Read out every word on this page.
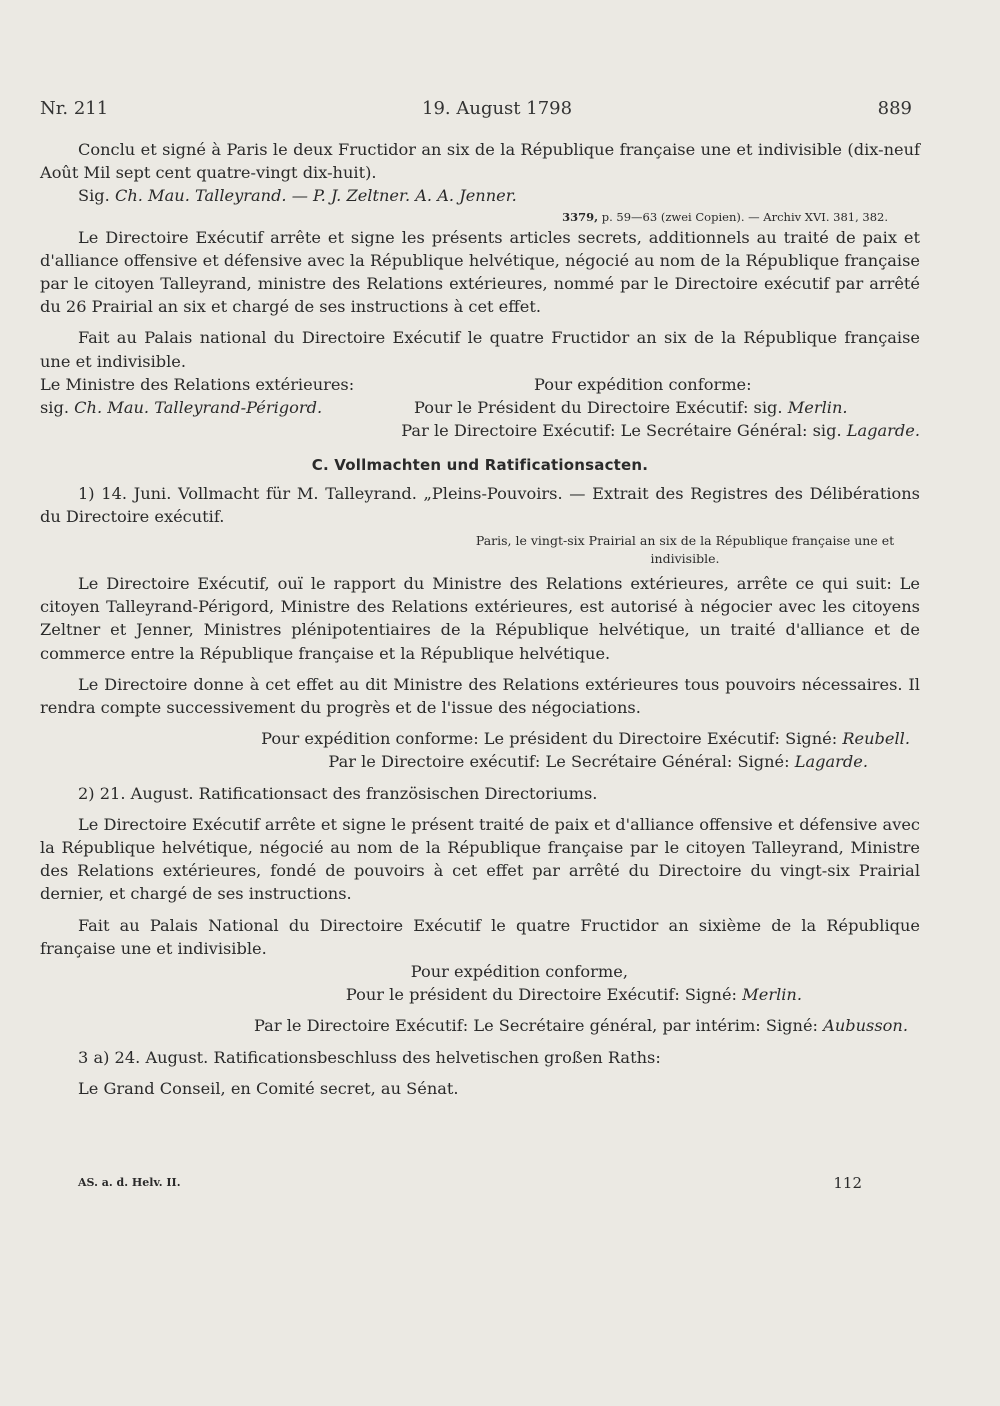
Nr. 211	19. August 1798	889

Conclu et signé à Paris le deux Fructidor an six de la République française une et indivisible (dix-neuf Août Mil sept cent quatre-vingt dix-huit).

Sig. Ch. Mau. Talleyrand. — P. J. Zeltner. A. A. Jenner.

3379, p. 59—63 (zwei Copien). — Archiv XVI. 381, 382.

Le Directoire Exécutif arrête et signe les présents articles secrets, additionnels au traité de paix et d'alliance offensive et défensive avec la République helvétique, négocié au nom de la République française par le citoyen Talleyrand, ministre des Relations extérieures, nommé par le Directoire exécutif par arrêté du 26 Prairial an six et chargé de ses instructions à cet effet.

Fait au Palais national du Directoire Exécutif le quatre Fructidor an six de la République française une et indivisible.

Le Ministre des Relations extérieures:	Pour expédition conforme:
sig. Ch. Mau. Talleyrand-Périgord.	Pour le Président du Directoire Exécutif: sig. Merlin.
Par le Directoire Exécutif: Le Secrétaire Général: sig. Lagarde.
C. Vollmachten und Ratificationsacten.

1) 14. Juni. Vollmacht für M. Talleyrand. „Pleins-Pouvoirs. — Extrait des Registres des Délibérations du Directoire exécutif.

Paris, le vingt-six Prairial an six de la République française une et indivisible.

Le Directoire Exécutif, ouï le rapport du Ministre des Relations extérieures, arrête ce qui suit: Le citoyen Talleyrand-Périgord, Ministre des Relations extérieures, est autorisé à négocier avec les citoyens Zeltner et Jenner, Ministres plénipotentiaires de la République helvétique, un traité d'alliance et de commerce entre la République française et la République helvétique.

Le Directoire donne à cet effet au dit Ministre des Relations extérieures tous pouvoirs nécessaires. Il rendra compte successivement du progrès et de l'issue des négociations.

Pour expédition conforme: Le président du Directoire Exécutif: Signé: Reubell.

Par le Directoire exécutif: Le Secrétaire Général: Signé: Lagarde.

2) 21. August. Ratificationsact des französischen Directoriums.

Le Directoire Exécutif arrête et signe le présent traité de paix et d'alliance offensive et défensive avec la République helvétique, négocié au nom de la République française par le citoyen Talleyrand, Ministre des Relations extérieures, fondé de pouvoirs à cet effet par arrêté du Directoire du vingt-six Prairial dernier, et chargé de ses instructions.

Fait au Palais National du Directoire Exécutif le quatre Fructidor an sixième de la République française une et indivisible.

Pour expédition conforme,

Pour le président du Directoire Exécutif: Signé: Merlin.

Par le Directoire Exécutif: Le Secrétaire général, par intérim: Signé: Aubusson.

3 a) 24. August. Ratificationsbeschluss des helvetischen großen Raths:

Le Grand Conseil, en Comité secret, au Sénat.

AS. a. d. Helv. II.	112
